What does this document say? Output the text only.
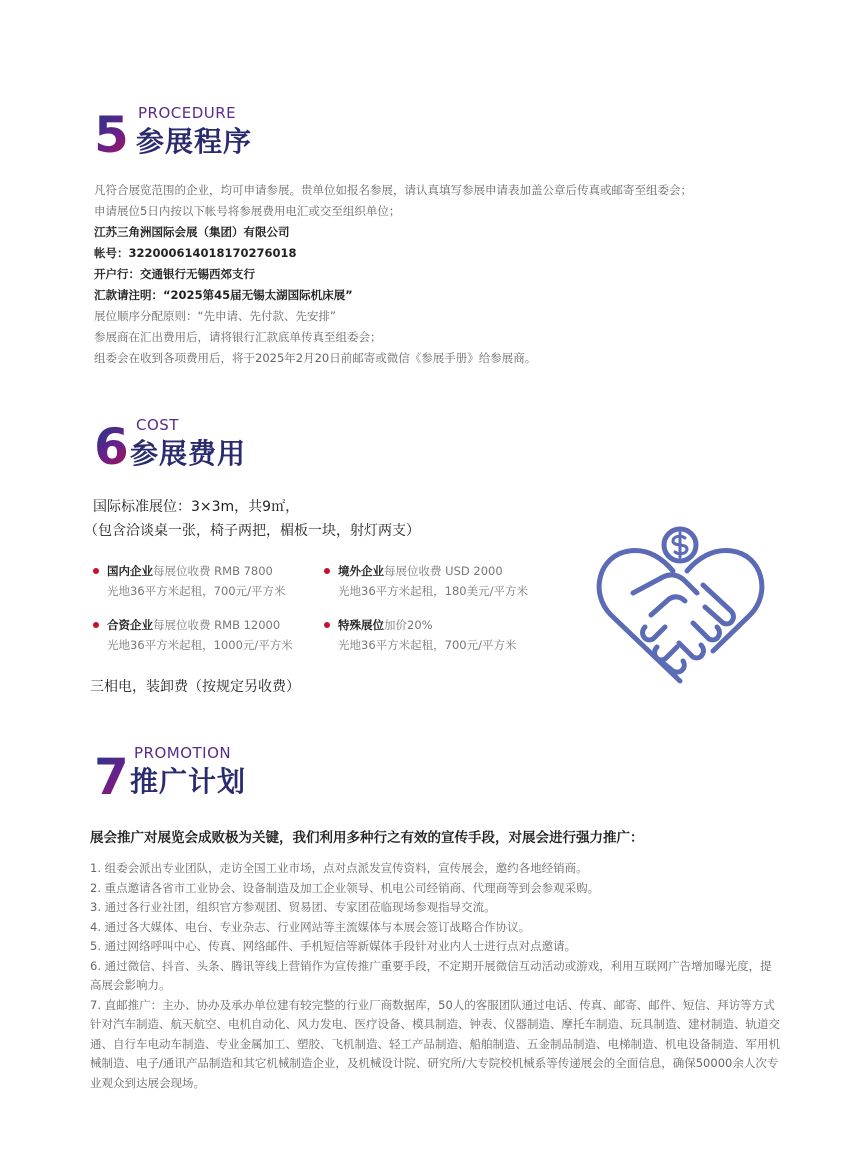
5 PROCEDURE
参展程序
凡符合展览范围的企业，均可申请参展。贵单位如报名参展，请认真填写参展申请表加盖公章后传真或邮寄至组委会；
申请展位5日内按以下帐号将参展费用电汇或交至组织单位；
江苏三角洲国际会展（集团）有限公司
帐号：322000614018170276018
开户行：交通银行无锡西郊支行
汇款请注明：“2025第45届无锡太湖国际机床展”
展位顺序分配原则：“先申请、先付款、先安排”
参展商在汇出费用后，请将银行汇款底单传真至组委会；
组委会在收到各项费用后，将于2025年2月20日前邮寄或微信《参展手册》给参展商。
6 COST
参展费用
国际标准展位：3×3m，共9㎡，
（包含洽谈桌一张，椅子两把，楣板一块，射灯两支）
国内企业每展位收费 RMB 7800
光地36平方米起租，700元/平方米
境外企业每展位收费 USD 2000
光地36平方米起租，180美元/平方米
合资企业每展位收费 RMB 12000
光地36平方米起租，1000元/平方米
特殊展位加价20%
光地36平方米起租，700元/平方米
三相电，装卸费（按规定另收费）
7 PROMOTION
推广计划
展会推广对展览会成败极为关键，我们利用多种行之有效的宣传手段，对展会进行强力推广：
1. 组委会派出专业团队，走访全国工业市场，点对点派发宣传资料，宣传展会，邀约各地经销商。
2. 重点邀请各省市工业协会、设备制造及加工企业领导、机电公司经销商、代理商等到会参观采购。
3. 通过各行业社团，组织官方参观团、贸易团、专家团莅临现场参观指导交流。
4. 通过各大媒体、电台、专业杂志、行业网站等主流媒体与本展会签订战略合作协议。
5. 通过网络呼叫中心、传真、网络邮件、手机短信等新媒体手段针对业内人士进行点对点邀请。
6. 通过微信、抖音、头条、腾讯等线上营销作为宣传推广重要手段，不定期开展微信互动活动或游戏，利用互联网广告增加曝光度，提高展会影响力。
7. 直邮推广：主办、协办及承办单位建有较完整的行业厂商数据库，50人的客服团队通过电话、传真、邮寄、邮件、短信、拜访等方式针对汽车制造、航天航空、电机自动化、风力发电、医疗设备、模具制造、钟表、仪器制造、摩托车制造、玩具制造、建材制造、轨道交通、自行车电动车制造、专业金属加工、塑胶、飞机制造、轻工产品制造、船舶制造、五金制品制造、电梯制造、机电设备制造、军用机械制造、电子/通讯产品制造和其它机械制造企业，及机械设计院、研究所/大专院校机械系等传递展会的全面信息，确保50000余人次专业观众到达展会现场。
